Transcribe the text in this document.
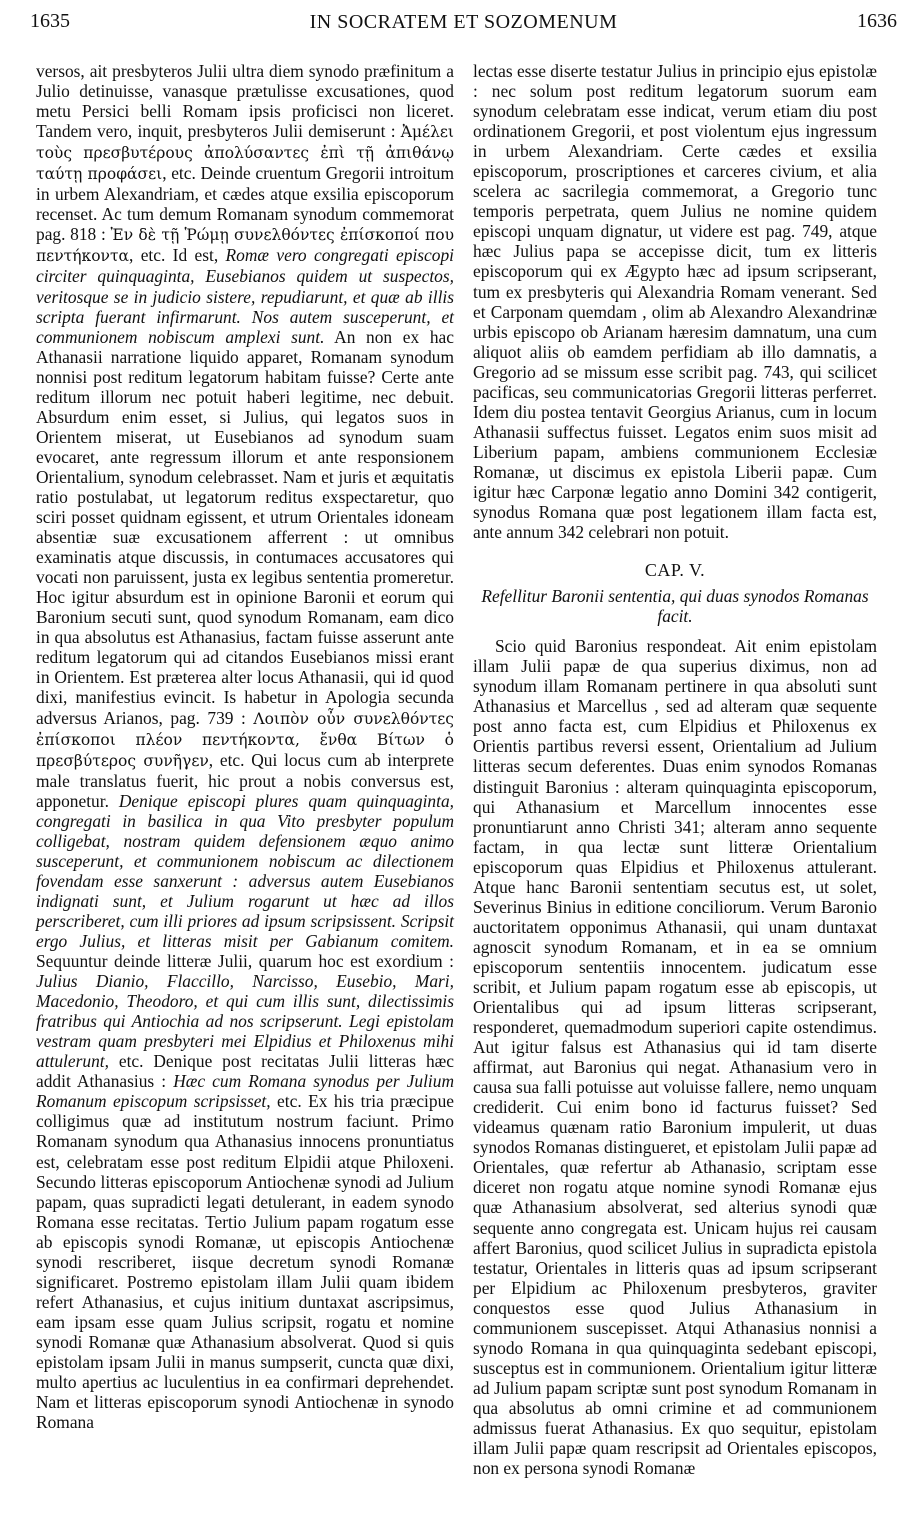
1635	IN SOCRATEM ET SOZOMENUM	1636

versos, ait presbyteros Julii ultra diem synodo præfinitum a Julio detinuisse, vanasque prætulisse excusationes, quod metu Persici belli Romam ipsis proficisci non liceret. Tandem vero, inquit, presbyteros Julii demiserunt : Ἀμέλει τοὺς πρεσβυτέρους ἀπολύσαντες ἐπὶ τῇ ἀπιθάνῳ ταύτῃ προφάσει, etc. Deinde cruentum Gregorii introitum in urbem Alexandriam, et cædes atque exsilia episcoporum recenset. Ac tum demum Romanam synodum commemorat pag. 818 : Ἐν δὲ τῇ Ῥώμῃ συνελθόντες ἐπίσκοποί που πεντήκοντα, etc. Id est, Romæ vero congregati episcopi circiter quinquaginta, Eusebianos quidem ut suspectos, veritosque se in judicio sistere, repudiarunt, et quæ ab illis scripta fuerant infirmarunt. Nos autem susceperunt, et communionem nobiscum amplexi sunt. An non ex hac Athanasii narratione liquido apparet, Romanam synodum nonnisi post reditum legatorum habitam fuisse? Certe ante reditum illorum nec potuit haberi legitime, nec debuit. Absurdum enim esset, si Julius, qui legatos suos in Orientem miserat, ut Eusebianos ad synodum suam evocaret, ante regressum illorum et ante responsionem Orientalium, synodum celebrasset. Nam et juris et æquitatis ratio postulabat, ut legatorum reditus exspectaretur, quo sciri posset quidnam egissent, et utrum Orientales idoneam absentiæ suæ excusationem afferrent : ut omnibus examinatis atque discussis, in contumaces accusatores qui vocati non paruissent, justa ex legibus sententia promeretur. Hoc igitur absurdum est in opinione Baronii et eorum qui Baronium secuti sunt, quod synodum Romanam, eam dico in qua absolutus est Athanasius, factam fuisse asserunt ante reditum legatorum qui ad citandos Eusebianos missi erant in Orientem. Est præterea alter locus Athanasii, qui id quod dixi, manifestius evincit. Is habetur in Apologia secunda adversus Arianos, pag. 739 : Λοιπὸν οὖν συνελθόντες ἐπίσκοποι πλέον πεντήκοντα, ἔνθα Βίτων ὁ πρεσβύτερος συνῆγεν, etc. Qui locus cum ab interprete male translatus fuerit, hic prout a nobis conversus est, apponetur. Denique episcopi plures quam quinquaginta, congregati in basilica in qua Vito presbyter populum colligebat, nostram quidem defensionem æquo animo susceperunt, et communionem nobiscum ac dilectionem fovendam esse sanxerunt : adversus autem Eusebianos indignati sunt, et Julium rogarunt ut hæc ad illos perscriberet, cum illi priores ad ipsum scripsissent. Scripsit ergo Julius, et litteras misit per Gabianum comitem. Sequuntur deinde litteræ Julii, quarum hoc est exordium : Julius Dianio, Flaccillo, Narcisso, Eusebio, Mari, Macedonio, Theodoro, et qui cum illis sunt, dilectissimis fratribus qui Antiochia ad nos scripserunt. Legi epistolam vestram quam presbyteri mei Elpidius et Philoxenus mihi attulerunt, etc. Denique post recitatas Julii litteras hæc addit Athanasius : Hæc cum Romana synodus per Julium Romanum episcopum scripsisset, etc. Ex his tria præcipue colligimus quæ ad institutum nostrum faciunt. Primo Romanam synodum qua Athanasius innocens pronuntiatus est, celebratam esse post reditum Elpidii atque Philoxeni. Secundo litteras episcoporum Antiochenæ synodi ad Julium papam, quas supradicti legati detulerant, in eadem synodo Romana esse recitatas. Tertio Julium papam rogatum esse ab episcopis synodi Romanæ, ut episcopis Antiochenæ synodi rescriberet, iisque decretum synodi Romanæ significaret. Postremo epistolam illam Julii quam ibidem refert Athanasius, et cujus initium duntaxat ascripsimus, eam ipsam esse quam Julius scripsit, rogatu et nomine synodi Romanæ quæ Athanasium absolverat. Quod si quis epistolam ipsam Julii in manus sumpserit, cuncta quæ dixi, multo apertius ac luculentius in ea confirmari deprehendet. Nam et litteras episcoporum synodi Antiochenæ in synodo Romana

lectas esse diserte testatur Julius in principio ejus epistolæ : nec solum post reditum legatorum suorum eam synodum celebratam esse indicat, verum etiam diu post ordinationem Gregorii, et post violentum ejus ingressum in urbem Alexandriam. Certe cædes et exsilia episcoporum, proscriptiones et carceres civium, et alia scelera ac sacrilegia commemorat, a Gregorio tunc temporis perpetrata, quem Julius ne nomine quidem episcopi unquam dignatur, ut videre est pag. 749, atque hæc Julius papa se accepisse dicit, tum ex litteris episcoporum qui ex Ægypto hæc ad ipsum scripserant, tum ex presbyteris qui Alexandria Romam venerant. Sed et Carponam quemdam , olim ab Alexandro Alexandrinæ urbis episcopo ob Arianam hæresim damnatum, una cum aliquot aliis ob eamdem perfidiam ab illo damnatis, a Gregorio ad se missum esse scribit pag. 743, qui scilicet pacificas, seu communicatorias Gregorii litteras perferret. Idem diu postea tentavit Georgius Arianus, cum in locum Athanasii suffectus fuisset. Legatos enim suos misit ad Liberium papam, ambiens communionem Ecclesiæ Romanæ, ut discimus ex epistola Liberii papæ. Cum igitur hæc Carponæ legatio anno Domini 342 contigerit, synodus Romana quæ post legationem illam facta est, ante annum 342 celebrari non potuit.

CAP. V.
Refellitur Baronii sententia, qui duas synodos Romanas facit.

Scio quid Baronius respondeat. Ait enim epistolam illam Julii papæ de qua superius diximus, non ad synodum illam Romanam pertinere in qua absoluti sunt Athanasius et Marcellus , sed ad alteram quæ sequente post anno facta est, cum Elpidius et Philoxenus ex Orientis partibus reversi essent, Orientalium ad Julium litteras secum deferentes. Duas enim synodos Romanas distinguit Baronius : alteram quinquaginta episcoporum, qui Athanasium et Marcellum innocentes esse pronuntiarunt anno Christi 341; alteram anno sequente factam, in qua lectæ sunt litteræ Orientalium episcoporum quas Elpidius et Philoxenus attulerant. Atque hanc Baronii sententiam secutus est, ut solet, Severinus Binius in editione conciliorum. Verum Baronio auctoritatem opponimus Athanasii, qui unam duntaxat agnoscit synodum Romanam, et in ea se omnium episcoporum sententiis innocentem. judicatum esse scribit, et Julium papam rogatum esse ab episcopis, ut Orientalibus qui ad ipsum litteras scripserant, responderet, quemadmodum superiori capite ostendimus. Aut igitur falsus est Athanasius qui id tam diserte affirmat, aut Baronius qui negat. Athanasium vero in causa sua falli potuisse aut voluisse fallere, nemo unquam crediderit. Cui enim bono id facturus fuisset? Sed videamus quænam ratio Baronium impulerit, ut duas synodos Romanas distingueret, et epistolam Julii papæ ad Orientales, quæ refertur ab Athanasio, scriptam esse diceret non rogatu atque nomine synodi Romanæ ejus quæ Athanasium absolverat, sed alterius synodi quæ sequente anno congregata est. Unicam hujus rei causam affert Baronius, quod scilicet Julius in supradicta epistola testatur, Orientales in litteris quas ad ipsum scripserant per Elpidium ac Philoxenum presbyteros, graviter conquestos esse quod Julius Athanasium in communionem suscepisset. Atqui Athanasius nonnisi a synodo Romana in qua quinquaginta sedebant episcopi, susceptus est in communionem. Orientalium igitur litteræ ad Julium papam scriptæ sunt post synodum Romanam in qua absolutus ab omni crimine et ad communionem admissus fuerat Athanasius. Ex quo sequitur, epistolam illam Julii papæ quam rescripsit ad Orientales episcopos, non ex persona synodi Romanæ
